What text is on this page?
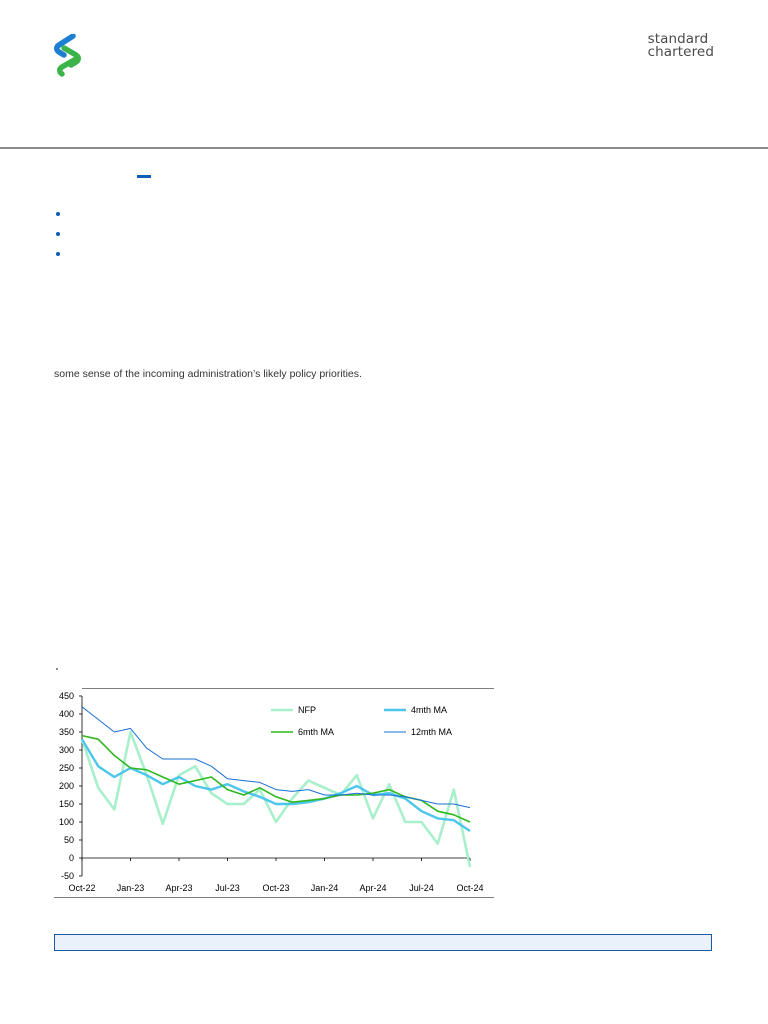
standard
chartered
some sense of the incoming administration’s likely policy priorities.
-50
0
50
100
150
200
250
300
350
400
450
Oct-22 Jan-23 Apr-23	Jul-23	Oct-23 Jan-24 Apr-24	Jul-24	Oct-24
NFP	4mth MA
6mth MA	12mth MA
